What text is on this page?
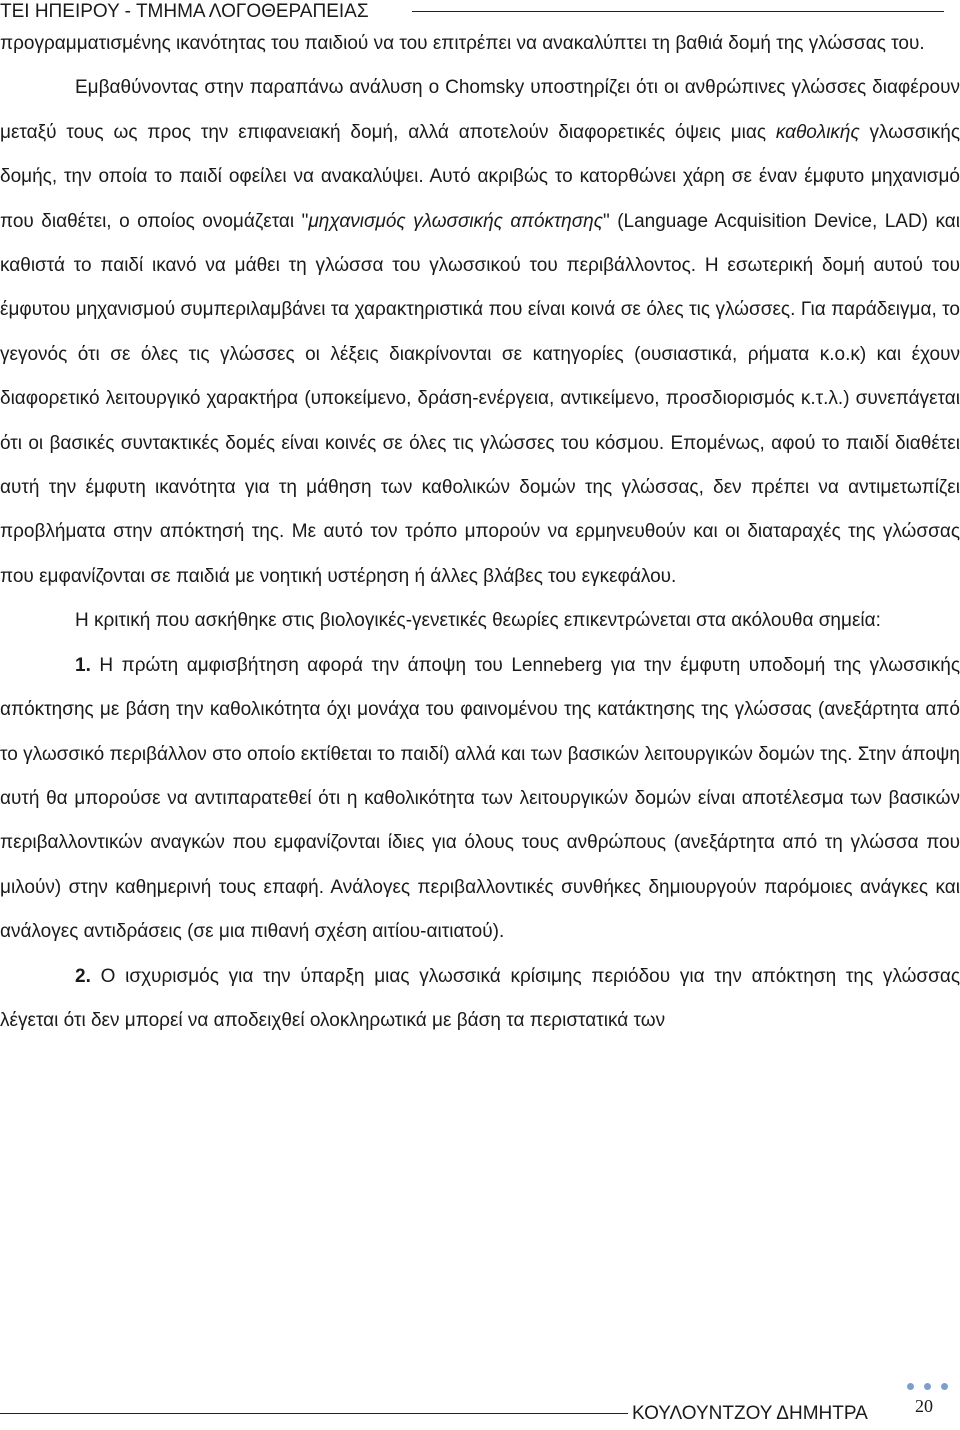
ΤΕΙ ΗΠΕΙΡΟΥ - ΤΜΗΜΑ ΛΟΓΟΘΕΡΑΠΕΙΑΣ

προγραμματισμένης ικανότητας του παιδιού να του επιτρέπει να ανακαλύπτει τη βαθιά δομή της γλώσσας του.

Εμβαθύνοντας στην παραπάνω ανάλυση ο Chomsky υποστηρίζει ότι οι ανθρώπινες γλώσσες διαφέρουν μεταξύ τους ως προς την επιφανειακή δομή, αλλά αποτελούν διαφορετικές όψεις μιας καθολικής γλωσσικής δομής, την οποία το παιδί οφείλει να ανακαλύψει. Αυτό ακριβώς το κατορθώνει χάρη σε έναν έμφυτο μηχανισμό που διαθέτει, ο οποίος ονομάζεται "μηχανισμός γλωσσικής απόκτησης" (Language Acquisition Device, LAD) και καθιστά το παιδί ικανό να μάθει τη γλώσσα του γλωσσικού του περιβάλλοντος. Η εσωτερική δομή αυτού του έμφυτου μηχανισμού συμπεριλαμβάνει τα χαρακτηριστικά που είναι κοινά σε όλες τις γλώσσες. Για παράδειγμα, το γεγονός ότι σε όλες τις γλώσσες οι λέξεις διακρίνονται σε κατηγορίες (ουσιαστικά, ρήματα κ.ο.κ) και έχουν διαφορετικό λειτουργικό χαρακτήρα (υποκείμενο, δράση-ενέργεια, αντικείμενο, προσδιορισμός κ.τ.λ.) συνεπάγεται ότι οι βασικές συντακτικές δομές είναι κοινές σε όλες τις γλώσσες του κόσμου. Επομένως, αφού το παιδί διαθέτει αυτή την έμφυτη ικανότητα για τη μάθηση των καθολικών δομών της γλώσσας, δεν πρέπει να αντιμετωπίζει προβλήματα στην απόκτησή της. Με αυτό τον τρόπο μπορούν να ερμηνευθούν και οι διαταραχές της γλώσσας που εμφανίζονται σε παιδιά με νοητική υστέρηση ή άλλες βλάβες του εγκεφάλου.

Η κριτική που ασκήθηκε στις βιολογικές-γενετικές θεωρίες επικεντρώνεται στα ακόλουθα σημεία:

1. Η πρώτη αμφισβήτηση αφορά την άποψη του Lenneberg για την έμφυτη υποδομή της γλωσσικής απόκτησης με βάση την καθολικότητα όχι μονάχα του φαινομένου της κατάκτησης της γλώσσας (ανεξάρτητα από το γλωσσικό περιβάλλον στο οποίο εκτίθεται το παιδί) αλλά και των βασικών λειτουργικών δομών της. Στην άποψη αυτή θα μπορούσε να αντιπαρατεθεί ότι η καθολικότητα των λειτουργικών δομών είναι αποτέλεσμα των βασικών περιβαλλοντικών αναγκών που εμφανίζονται ίδιες για όλους τους ανθρώπους (ανεξάρτητα από τη γλώσσα που μιλούν) στην καθημερινή τους επαφή. Ανάλογες περιβαλλοντικές συνθήκες δημιουργούν παρόμοιες ανάγκες και ανάλογες αντιδράσεις (σε μια πιθανή σχέση αιτίου-αιτιατού).

2. Ο ισχυρισμός για την ύπαρξη μιας γλωσσικά κρίσιμης περιόδου για την απόκτηση της γλώσσας λέγεται ότι δεν μπορεί να αποδειχθεί ολοκληρωτικά με βάση τα περιστατικά των

ΚΟΥΛΟΥΝΤΖΟΥ ΔΗΜΗΤΡΑ	20
